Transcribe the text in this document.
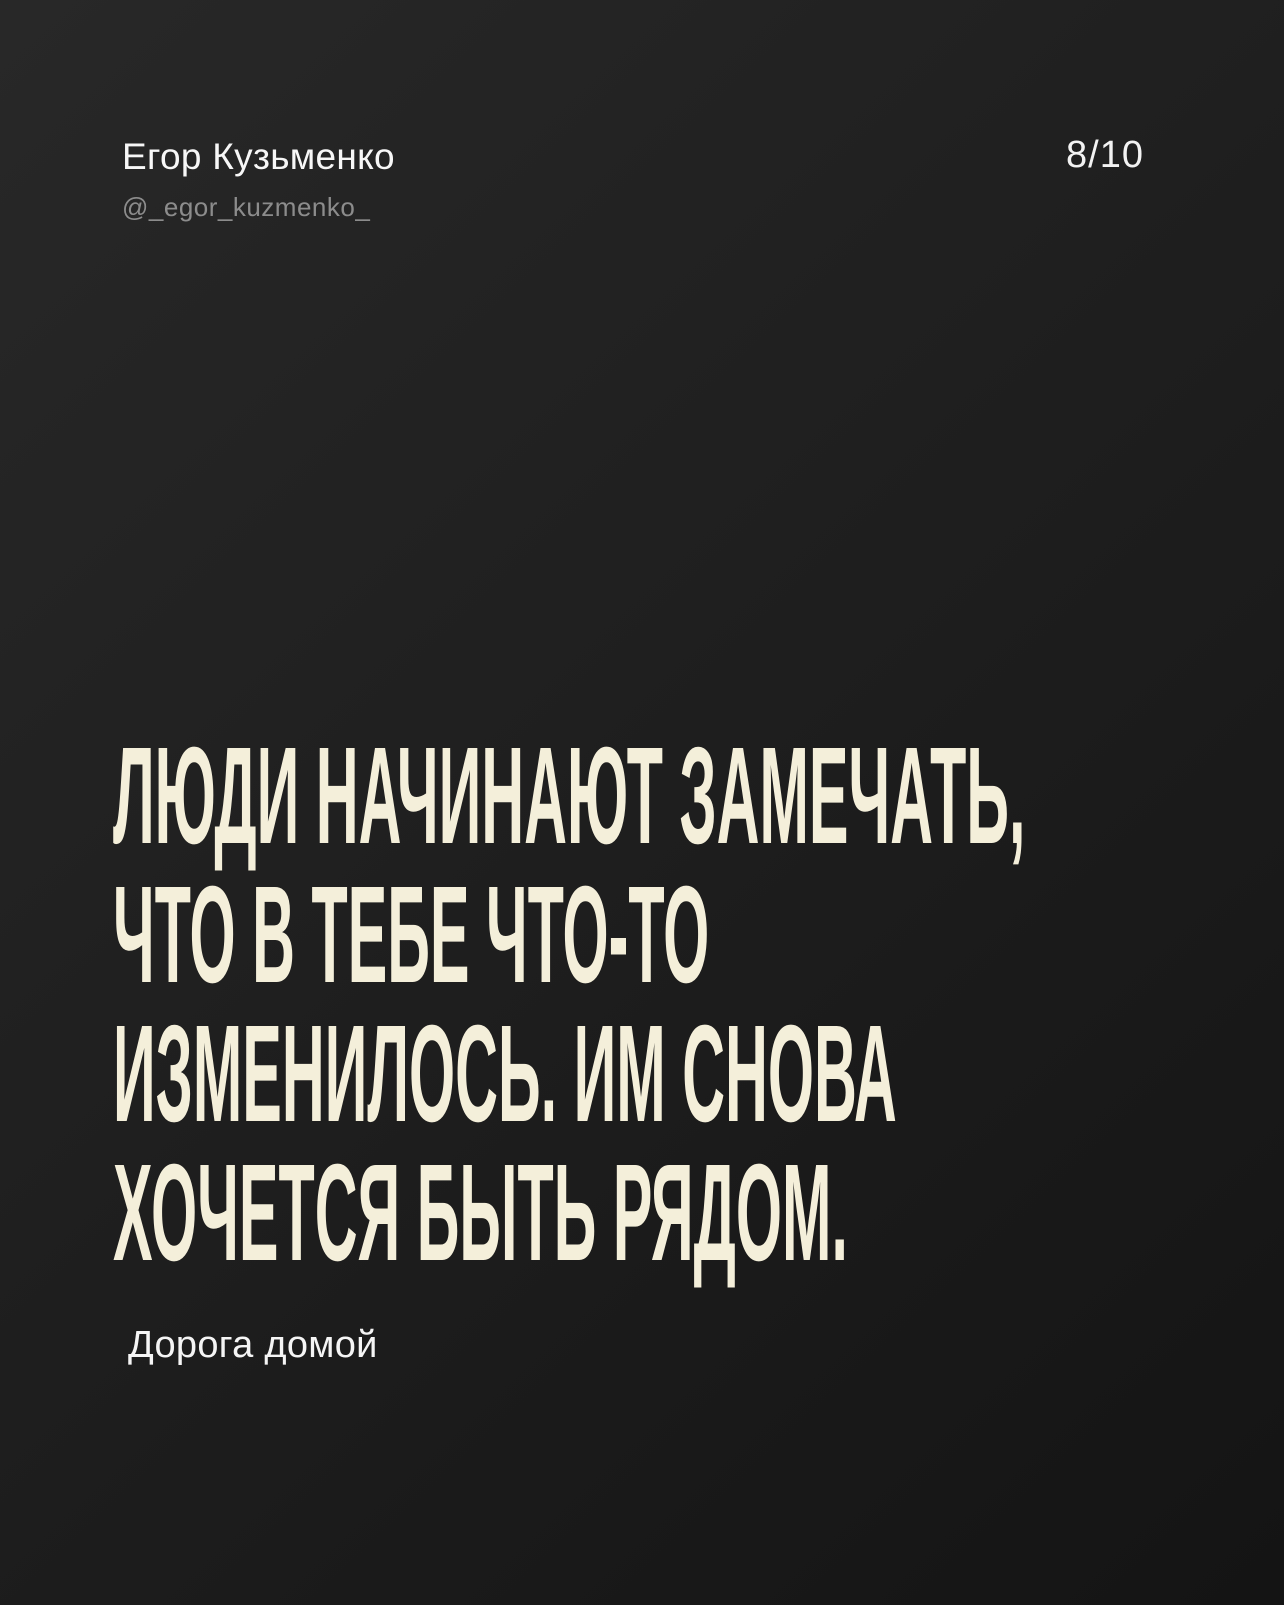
Егор Кузьменко
@_egor_kuzmenko_
8/10
ЛЮДИ НАЧИНАЮТ ЗАМЕЧАТЬ,
ЧТО В ТЕБЕ ЧТО-ТО
ИЗМЕНИЛОСЬ. ИМ СНОВА
ХОЧЕТСЯ БЫТЬ РЯДОМ.
Дорога домой
